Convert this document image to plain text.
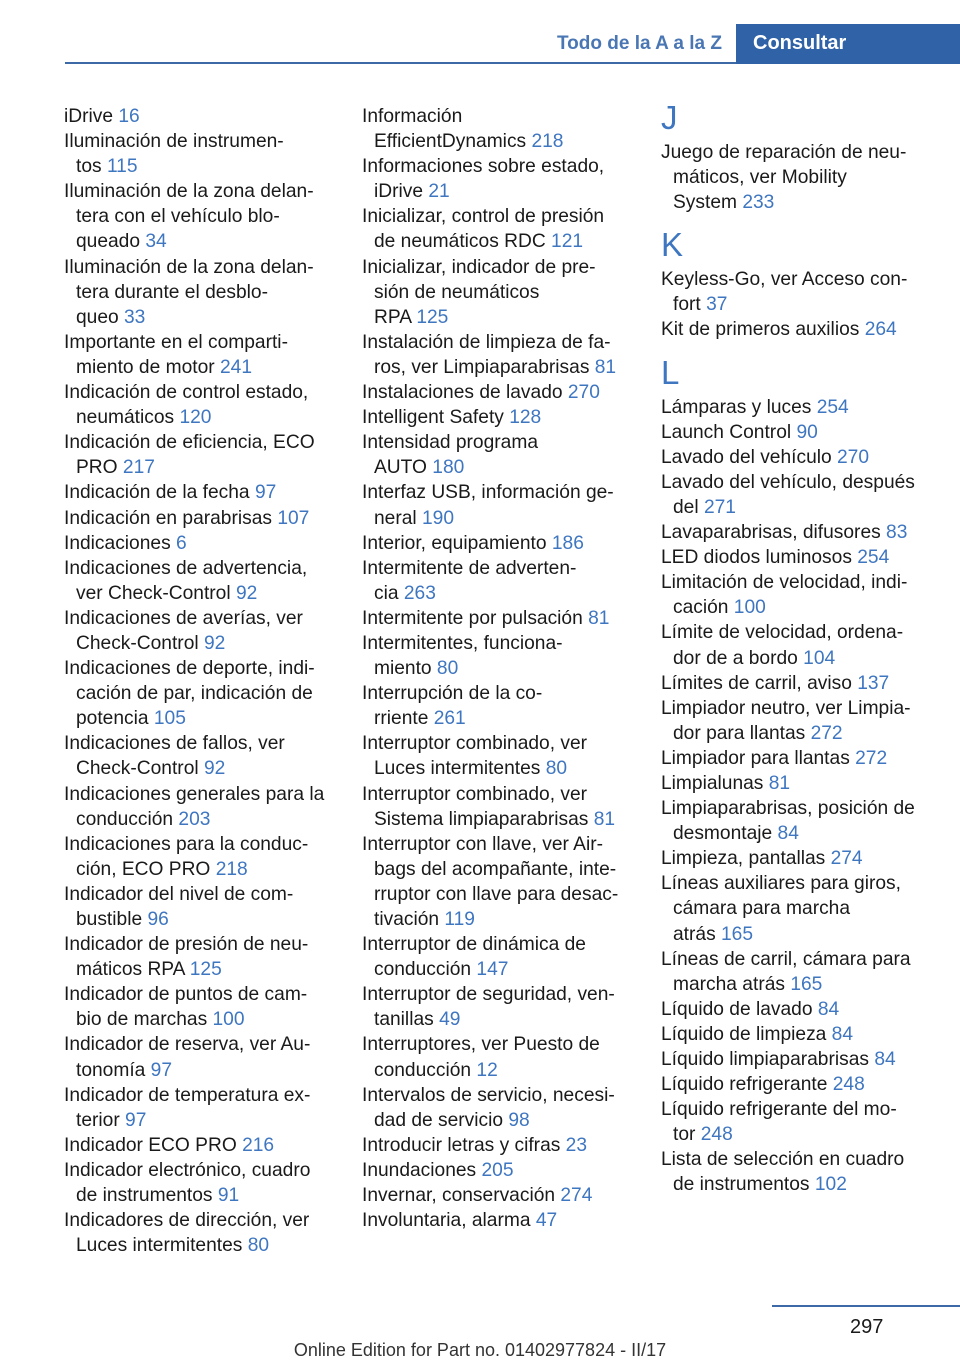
Todo de la A a la Z	Consultar
iDrive 16
Iluminación de instrumen-
tos 115
Iluminación de la zona delan-
tera con el vehículo blo-
queado 34
Iluminación de la zona delan-
tera durante el desblo-
queo 33
Importante en el comparti-
miento de motor 241
Indicación de control estado,
neumáticos 120
Indicación de eficiencia, ECO
PRO 217
Indicación de la fecha 97
Indicación en parabrisas 107
Indicaciones 6
Indicaciones de advertencia,
ver Check-Control 92
Indicaciones de averías, ver
Check-Control 92
Indicaciones de deporte, indi-
cación de par, indicación de
potencia 105
Indicaciones de fallos, ver
Check-Control 92
Indicaciones generales para la
conducción 203
Indicaciones para la conduc-
ción, ECO PRO 218
Indicador del nivel de com-
bustible 96
Indicador de presión de neu-
máticos RPA 125
Indicador de puntos de cam-
bio de marchas 100
Indicador de reserva, ver Au-
tonomía 97
Indicador de temperatura ex-
terior 97
Indicador ECO PRO 216
Indicador electrónico, cuadro
de instrumentos 91
Indicadores de dirección, ver
Luces intermitentes 80
Información
EfficientDynamics 218
Informaciones sobre estado,
iDrive 21
Inicializar, control de presión
de neumáticos RDC 121
Inicializar, indicador de pre-
sión de neumáticos
RPA 125
Instalación de limpieza de fa-
ros, ver Limpiaparabrisas 81
Instalaciones de lavado 270
Intelligent Safety 128
Intensidad programa
AUTO 180
Interfaz USB, información ge-
neral 190
Interior, equipamiento 186
Intermitente de adverten-
cia 263
Intermitente por pulsación 81
Intermitentes, funciona-
miento 80
Interrupción de la co-
rriente 261
Interruptor combinado, ver
Luces intermitentes 80
Interruptor combinado, ver
Sistema limpiaparabrisas 81
Interruptor con llave, ver Air-
bags del acompañante, inte-
rruptor con llave para desac-
tivación 119
Interruptor de dinámica de
conducción 147
Interruptor de seguridad, ven-
tanillas 49
Interruptores, ver Puesto de
conducción 12
Intervalos de servicio, necesi-
dad de servicio 98
Introducir letras y cifras 23
Inundaciones 205
Invernar, conservación 274
Involuntaria, alarma 47
J
Juego de reparación de neu-
máticos, ver Mobility
System 233
K
Keyless-Go, ver Acceso con-
fort 37
Kit de primeros auxilios 264
L
Lámparas y luces 254
Launch Control 90
Lavado del vehículo 270
Lavado del vehículo, después
del 271
Lavaparabrisas, difusores 83
LED diodos luminosos 254
Limitación de velocidad, indi-
cación 100
Límite de velocidad, ordena-
dor de a bordo 104
Límites de carril, aviso 137
Limpiador neutro, ver Limpia-
dor para llantas 272
Limpiador para llantas 272
Limpialunas 81
Limpiaparabrisas, posición de
desmontaje 84
Limpieza, pantallas 274
Líneas auxiliares para giros,
cámara para marcha
atrás 165
Líneas de carril, cámara para
marcha atrás 165
Líquido de lavado 84
Líquido de limpieza 84
Líquido limpiaparabrisas 84
Líquido refrigerante 248
Líquido refrigerante del mo-
tor 248
Lista de selección en cuadro
de instrumentos 102
297
Online Edition for Part no. 01402977824 - II/17
